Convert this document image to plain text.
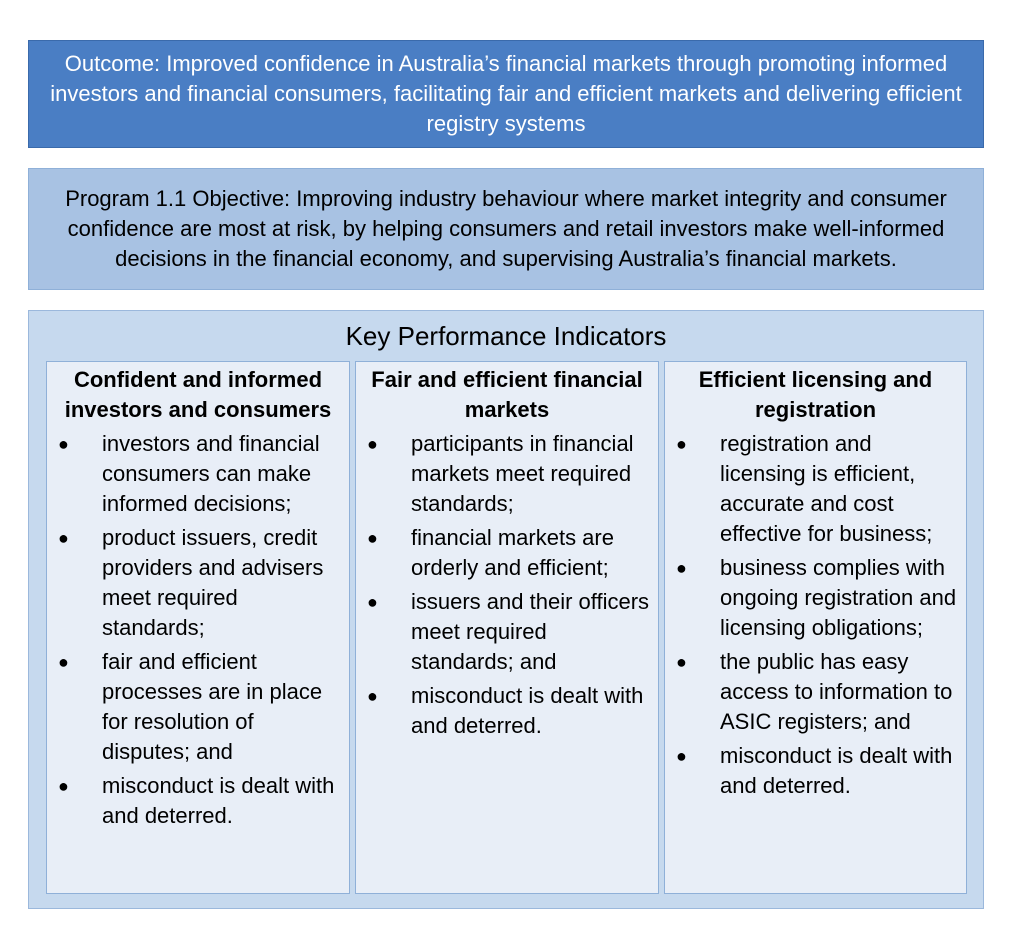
Outcome: Improved confidence in Australia’s financial markets through promoting informed investors and financial consumers, facilitating fair and efficient markets and delivering efficient registry systems
Program 1.1 Objective: Improving industry behaviour where market integrity and consumer confidence are most at risk, by helping consumers and retail investors make well-informed decisions in the financial economy, and supervising Australia’s financial markets.
Key Performance Indicators
Confident and informed investors and consumers
● investors and financial consumers can make informed decisions;
● product issuers, credit providers and advisers meet required standards;
● fair and efficient processes are in place for resolution of disputes; and
● misconduct is dealt with and deterred.
Fair and efficient financial markets
● participants in financial markets meet required standards;
● financial markets are orderly and efficient;
● issuers and their officers meet required standards; and
● misconduct is dealt with and deterred.
Efficient licensing and registration
● registration and licensing is efficient, accurate and cost effective for business;
● business complies with ongoing registration and licensing obligations;
● the public has easy access to information to ASIC registers; and
● misconduct is dealt with and deterred.
